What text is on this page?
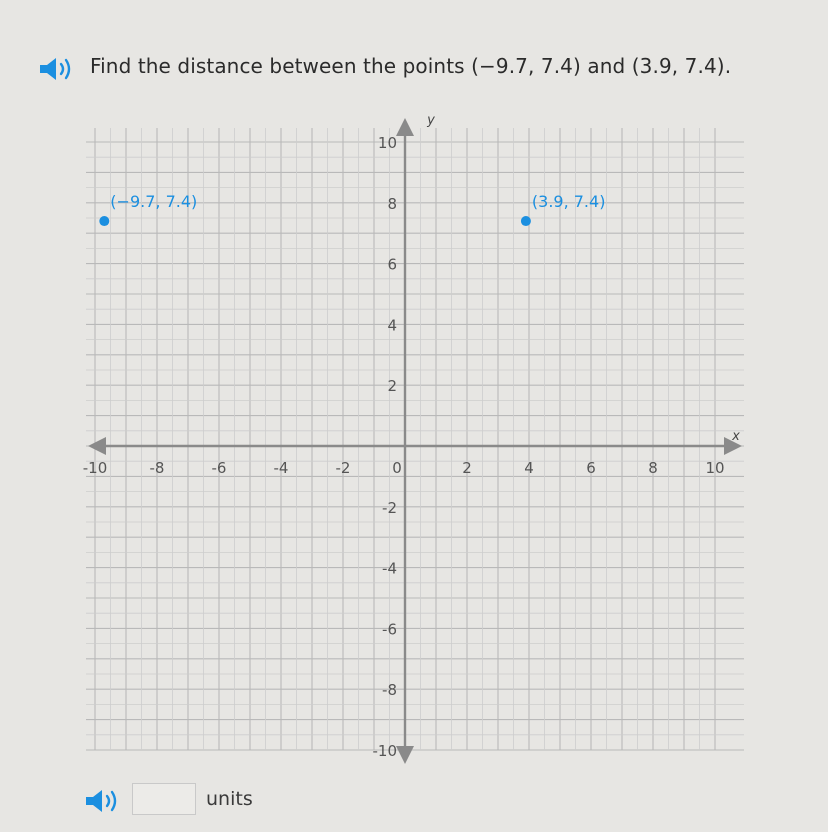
Find the distance between the points (−9.7, 7.4) and (3.9, 7.4).
x
y
-10	-8	-6	-4	-2	0	2	4	6	8	10
10
8
6
4
2
-2
-4
-6
-8
-10
(−9.7, 7.4)	(3.9, 7.4)
units
